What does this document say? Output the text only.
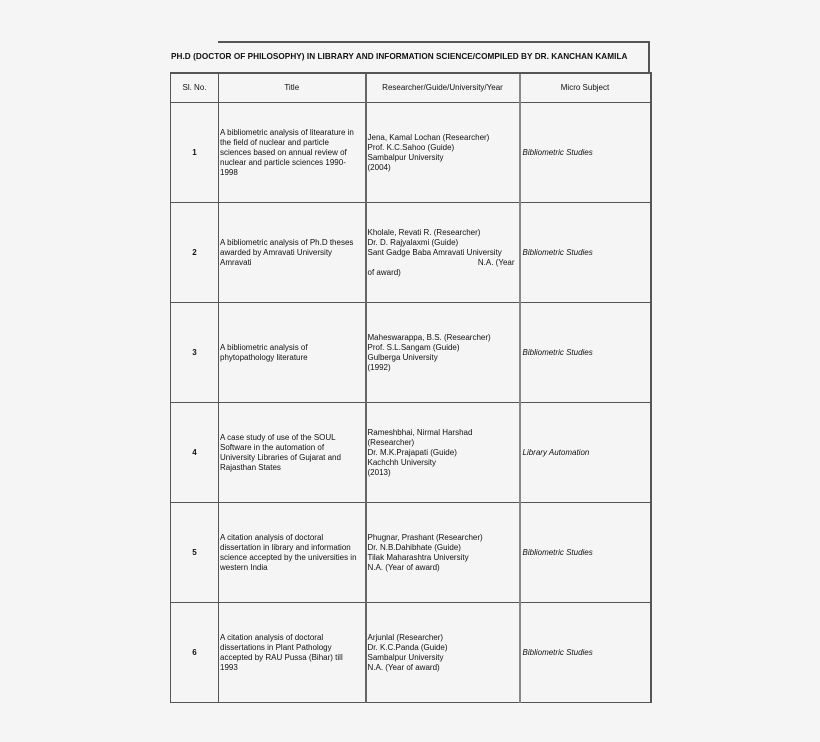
PH.D (DOCTOR OF PHILOSOPHY) IN LIBRARY AND INFORMATION SCIENCE/COMPILED BY DR. KANCHAN KAMILA
Sl. No.	Title	Researcher/Guide/University/Year	Micro Subject
1	A bibliometric analysis of litearature in the field of nuclear and particle sciences based on annual review of nuclear and particle sciences 1990-1998	Jena, Kamal Lochan (Researcher)
Prof. K.C.Sahoo (Guide)
Sambalpur University
(2004)	Bibliometric Studies
2	A bibliometric analysis of Ph.D theses awarded by Amravati University Amravati	Kholale, Revati R. (Researcher)
Dr. D. Rajyalaxmi (Guide)
Sant Gadge Baba Amravati University
N.A. (Year
of award)	Bibliometric Studies
3	A bibliometric analysis of phytopathology literature	Maheswarappa, B.S. (Researcher)
Prof. S.L.Sangam (Guide)
Gulberga University
(1992)	Bibliometric Studies
4	A case study of use of the SOUL Software in the automation of University Libraries of Gujarat and Rajasthan States	Rameshbhai, Nirmal Harshad
(Researcher)
Dr. M.K.Prajapati (Guide)
Kachchh University
(2013)	Library Automation
5	A citation analysis of doctoral dissertation in library and information science accepted by the universities in western India	Phugnar, Prashant (Researcher)
Dr. N.B.Dahibhate (Guide)
Tilak Maharashtra University
N.A. (Year of award)	Bibliometric Studies
6	A citation analysis of doctoral dissertations in Plant Pathology accepted by RAU Pussa (Bihar) till 1993	Arjunlal (Researcher)
Dr. K.C.Panda (Guide)
Sambalpur University
N.A. (Year of award)	Bibliometric Studies
